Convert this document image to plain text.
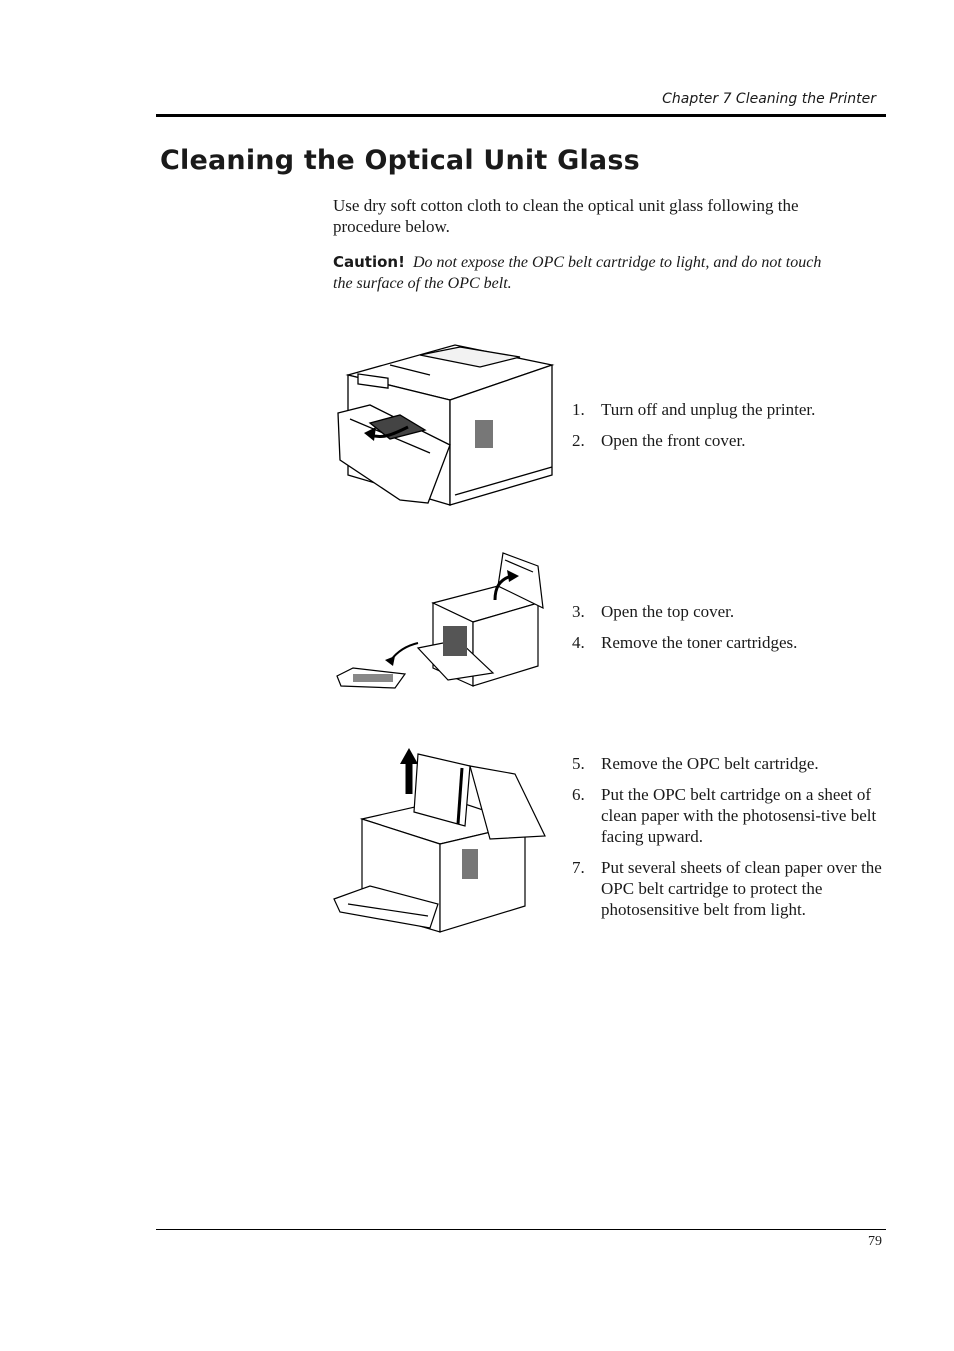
Chapter 7 Cleaning the Printer
Cleaning the Optical Unit Glass
Use dry soft cotton cloth to clean the optical unit glass following the procedure below.
Caution! Do not expose the OPC belt cartridge to light, and do not touch the surface of the OPC belt.
1. Turn off and unplug the printer.
2. Open the front cover.
3. Open the top cover.
4. Remove the toner cartridges.
5. Remove the OPC belt cartridge.
6. Put the OPC belt cartridge on a sheet of clean paper with the photosensi-tive belt facing upward.
7. Put several sheets of clean paper over the OPC belt cartridge to protect the photosensitive belt from light.
79
